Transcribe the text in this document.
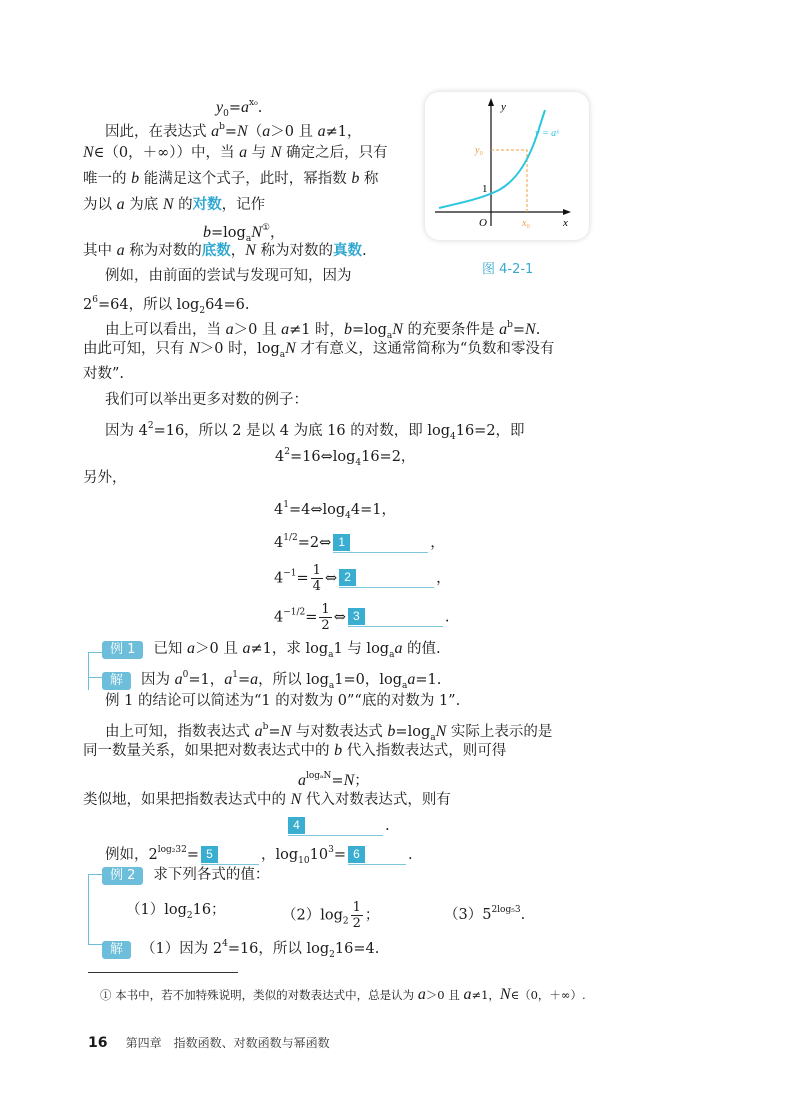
y
x
O
1
y = aˣ
y₀
x₀
图 4-2-1
$y_0=a^{x_0}$.
因此，在表达式 $a^b=N(a>0$ 且 a≠1，
N∈（0，＋∞））中，当 a 与 N 确定之后，只有
唯一的 b 能满足这个式子，此时，幂指数 b 称
为以 a 为底 N 的对数，记作
$b=\log_aN^①$，
其中 a 称为对数的底数，N 称为对数的真数.
例如，由前面的尝试与发现可知，因为
$2^6=64$，所以 $\log_264=6$.
由上可以看出，当 a＞0 且 a≠1 时，$b=\log_aN$ 的充要条件是 $a^b=N$.
由此可知，只有 N＞0 时，$\log_aN$ 才有意义，这通常简称为“负数和零没有
对数”.
我们可以举出更多对数的例子：
因为 $4^2=16$，所以 2 是以 4 为底 16 的对数，即 $\log_416=2$，即
$4^2=16\Leftrightarrow\log_416=2$，
另外，
$4^1=4\Leftrightarrow\log_44=1$，
$4^{1/2}=2\Leftrightarrow$ 1	，
$4^{-1}= \frac{1}{4}$ ⇔ 2	，
$4^{-1/2}= \frac{1}{2}$ ⇔ 3	.
例 1 已知 a＞0 且 a≠1，求 $\log_a1$ 与 $\log_aa$ 的值.
解 因为 $a^0=1$，$a^1=a$，所以 $\log_a1=0$，$\log_aa=1$.
例 1 的结论可以简述为“1 的对数为 0”“底的对数为 1”.
由上可知，指数表达式 $a^b=N$ 与对数表达式 $b=\log_aN$ 实际上表示的是
同一数量关系，如果把对数表达式中的 b 代入指数表达式，则可得
$a^{log_aN}=N$；
类似地，如果把指数表达式中的 N 代入对数表达式，则有
4	.
例如，$2^{log_232}= 5$	，$\log_{10}10^3= 6$	.
例 2 求下列各式的值：
$(1)\log_216$；	$(2)\log_2 \frac{1}{2}$ ；	$(3)5^{2log_53}$.
解 （1）因为 $2^4=16$，所以 $\log_216=4$.
① 本书中，若不加特殊说明，类似的对数表达式中，总是认为 a＞0 且 a≠1，N∈（0，＋∞）.
16 第四章　指数函数、对数函数与幂函数
